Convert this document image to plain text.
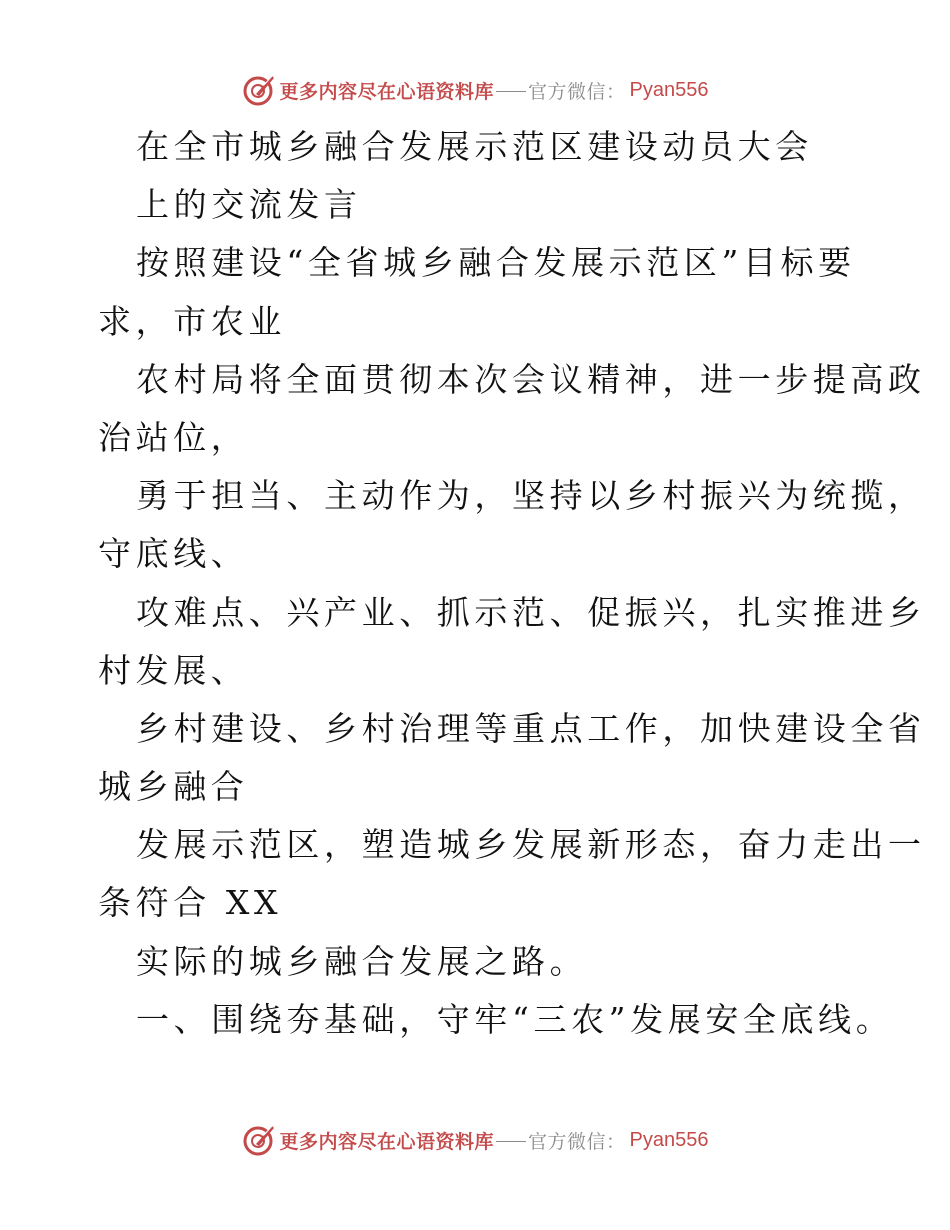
更多内容尽在心语资料库 官方微信： Pyan556
在全市城乡融合发展示范区建设动员大会
上的交流发言
按照建设“全省城乡融合发展示范区”目标要
求，市农业
农村局将全面贯彻本次会议精神，进一步提高政
治站位，
勇于担当、主动作为，坚持以乡村振兴为统揽，
守底线、
攻难点、兴产业、抓示范、促振兴，扎实推进乡
村发展、
乡村建设、乡村治理等重点工作，加快建设全省
城乡融合
发展示范区，塑造城乡发展新形态，奋力走出一
条符合 XX
实际的城乡融合发展之路。
一、围绕夯基础，守牢“三农”发展安全底线。
更多内容尽在心语资料库 官方微信： Pyan556
